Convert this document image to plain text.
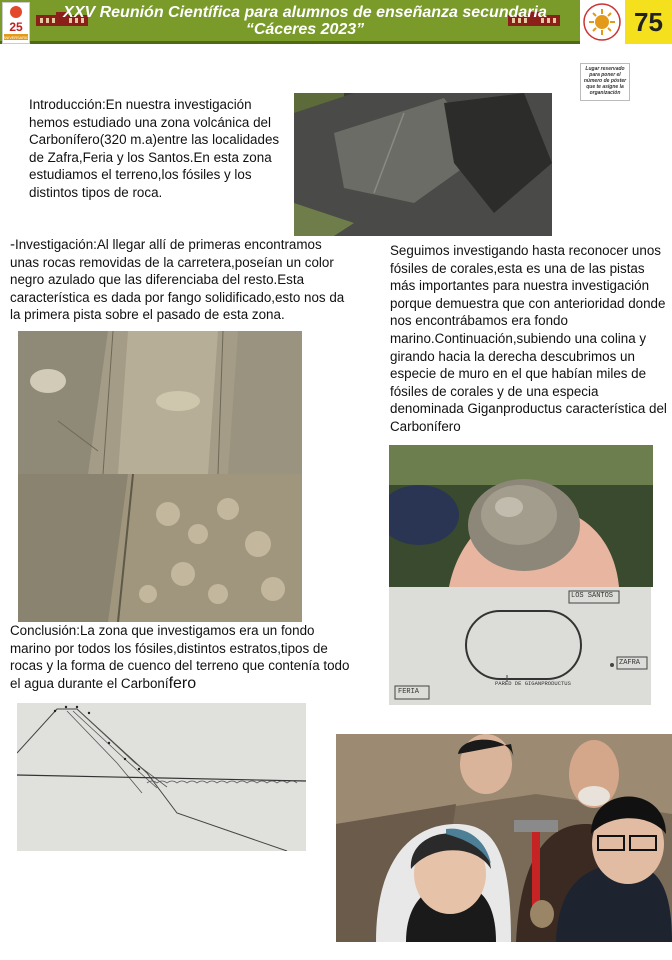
75
25
ANIVERSARIO
XXV Reunión Científica para alumnos de enseñanza secundaria
“Cáceres 2023”
Lugar reservado para poner el número de póster que te asigne la organización
Introducción:En nuestra investigación hemos estudiado una zona volcánica del Carbonífero(320 m.a)entre las localidades de Zafra,Feria y los Santos.En esta zona estudiamos el terreno,los fósiles y los distintos tipos de roca.
-Investigación:Al llegar allí de primeras encontramos unas rocas removidas de la carretera,poseían un color negro azulado que las diferenciaba del resto.Esta característica es dada por fango solidificado,esto nos da la primera pista sobre el pasado de esta zona.
Seguimos investigando hasta reconocer unos fósiles de corales,esta es una de las pistas más importantes para nuestra investigación porque demuestra que con anterioridad donde nos encontrábamos era fondo marino.Continuación,subiendo una colina y girando hacia la derecha descubrimos un especie de muro en el que habían miles de fósiles de corales y de una especia denominada Giganproductus característica del Carbonífero
Conclusión:La zona que investigamos era un fondo marino por todos los fósiles,distintos estratos,tipos de rocas y la forma de cuenco del terreno que contenía todo el agua durante el Carbonífero
LOS SANTOS
ZAFRA
FERIA
PARED DE GIGANPRODUCTUS
